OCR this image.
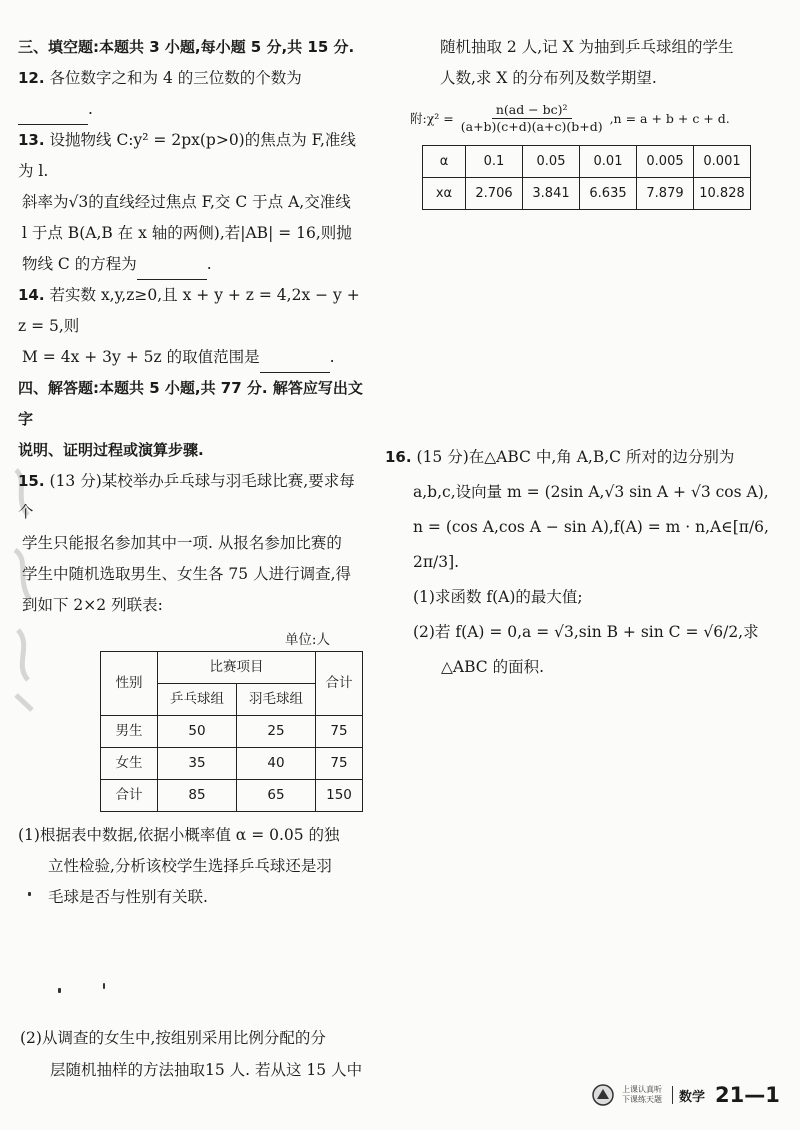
三、填空题:本题共 3 小题,每小题 5 分,共 15 分.

12. 各位数字之和为 4 的三位数的个数为.

13. 设抛物线 C:y² = 2px(p>0)的焦点为 F,准线为 l.

斜率为√3的直线经过焦点 F,交 C 于点 A,交准线

l 于点 B(A,B 在 x 轴的两侧),若|AB| = 16,则抛

物线 C 的方程为	.

14. 若实数 x,y,z≥0,且 x + y + z = 4,2x − y + z = 5,则

M = 4x + 3y + 5z 的取值范围是	.

四、解答题:本题共 5 小题,共 77 分. 解答应写出文字

说明、证明过程或演算步骤.

15. (13 分)某校举办乒乓球与羽毛球比赛,要求每个

学生只能报名参加其中一项. 从报名参加比赛的

学生中随机选取男生、女生各 75 人进行调查,得

到如下 2×2 列联表:

单位:人
性别	比赛项目		合计
	乒乓球组	羽毛球组	
男生	50	25	75
女生	35	40	75
合计	85	65	150

(1)根据表中数据,依据小概率值 α = 0.05 的独

立性检验,分析该校学生选择乒乓球还是羽

毛球是否与性别有关联.

随机抽取 2 人,记 X 为抽到乒乓球组的学生

人数,求 X 的分布列及数学期望.

附:χ² = $\frac{\text{n(ad − bc)²}}{(a+b)(c+d)(a+c)(b+d)} ,n = a + b + c + d$.
α	0.1	0.05	0.01	0.005	0.001
xα	2.706	3.841	6.635	7.879	10.828

16. (15 分)在△ABC 中,角 A,B,C 所对的边分别为

a,b,c,设向量 m = (2sin A,√3 sin A + √3 cos A),

n = (cos A,cos A − sin A),f(A) = m · n,A∈[π/6,

2π/3].

(1)求函数 f(A)的最大值;

(2)若 f(A) = 0,a = √3,sin B + sin C = √6/2,求

△ABC 的面积.

(2)从调查的女生中,按组别采用比例分配的分

层随机抽样的方法抽取15 人. 若从这 15 人中

上课认真听
下课练天题 数学 21—1
